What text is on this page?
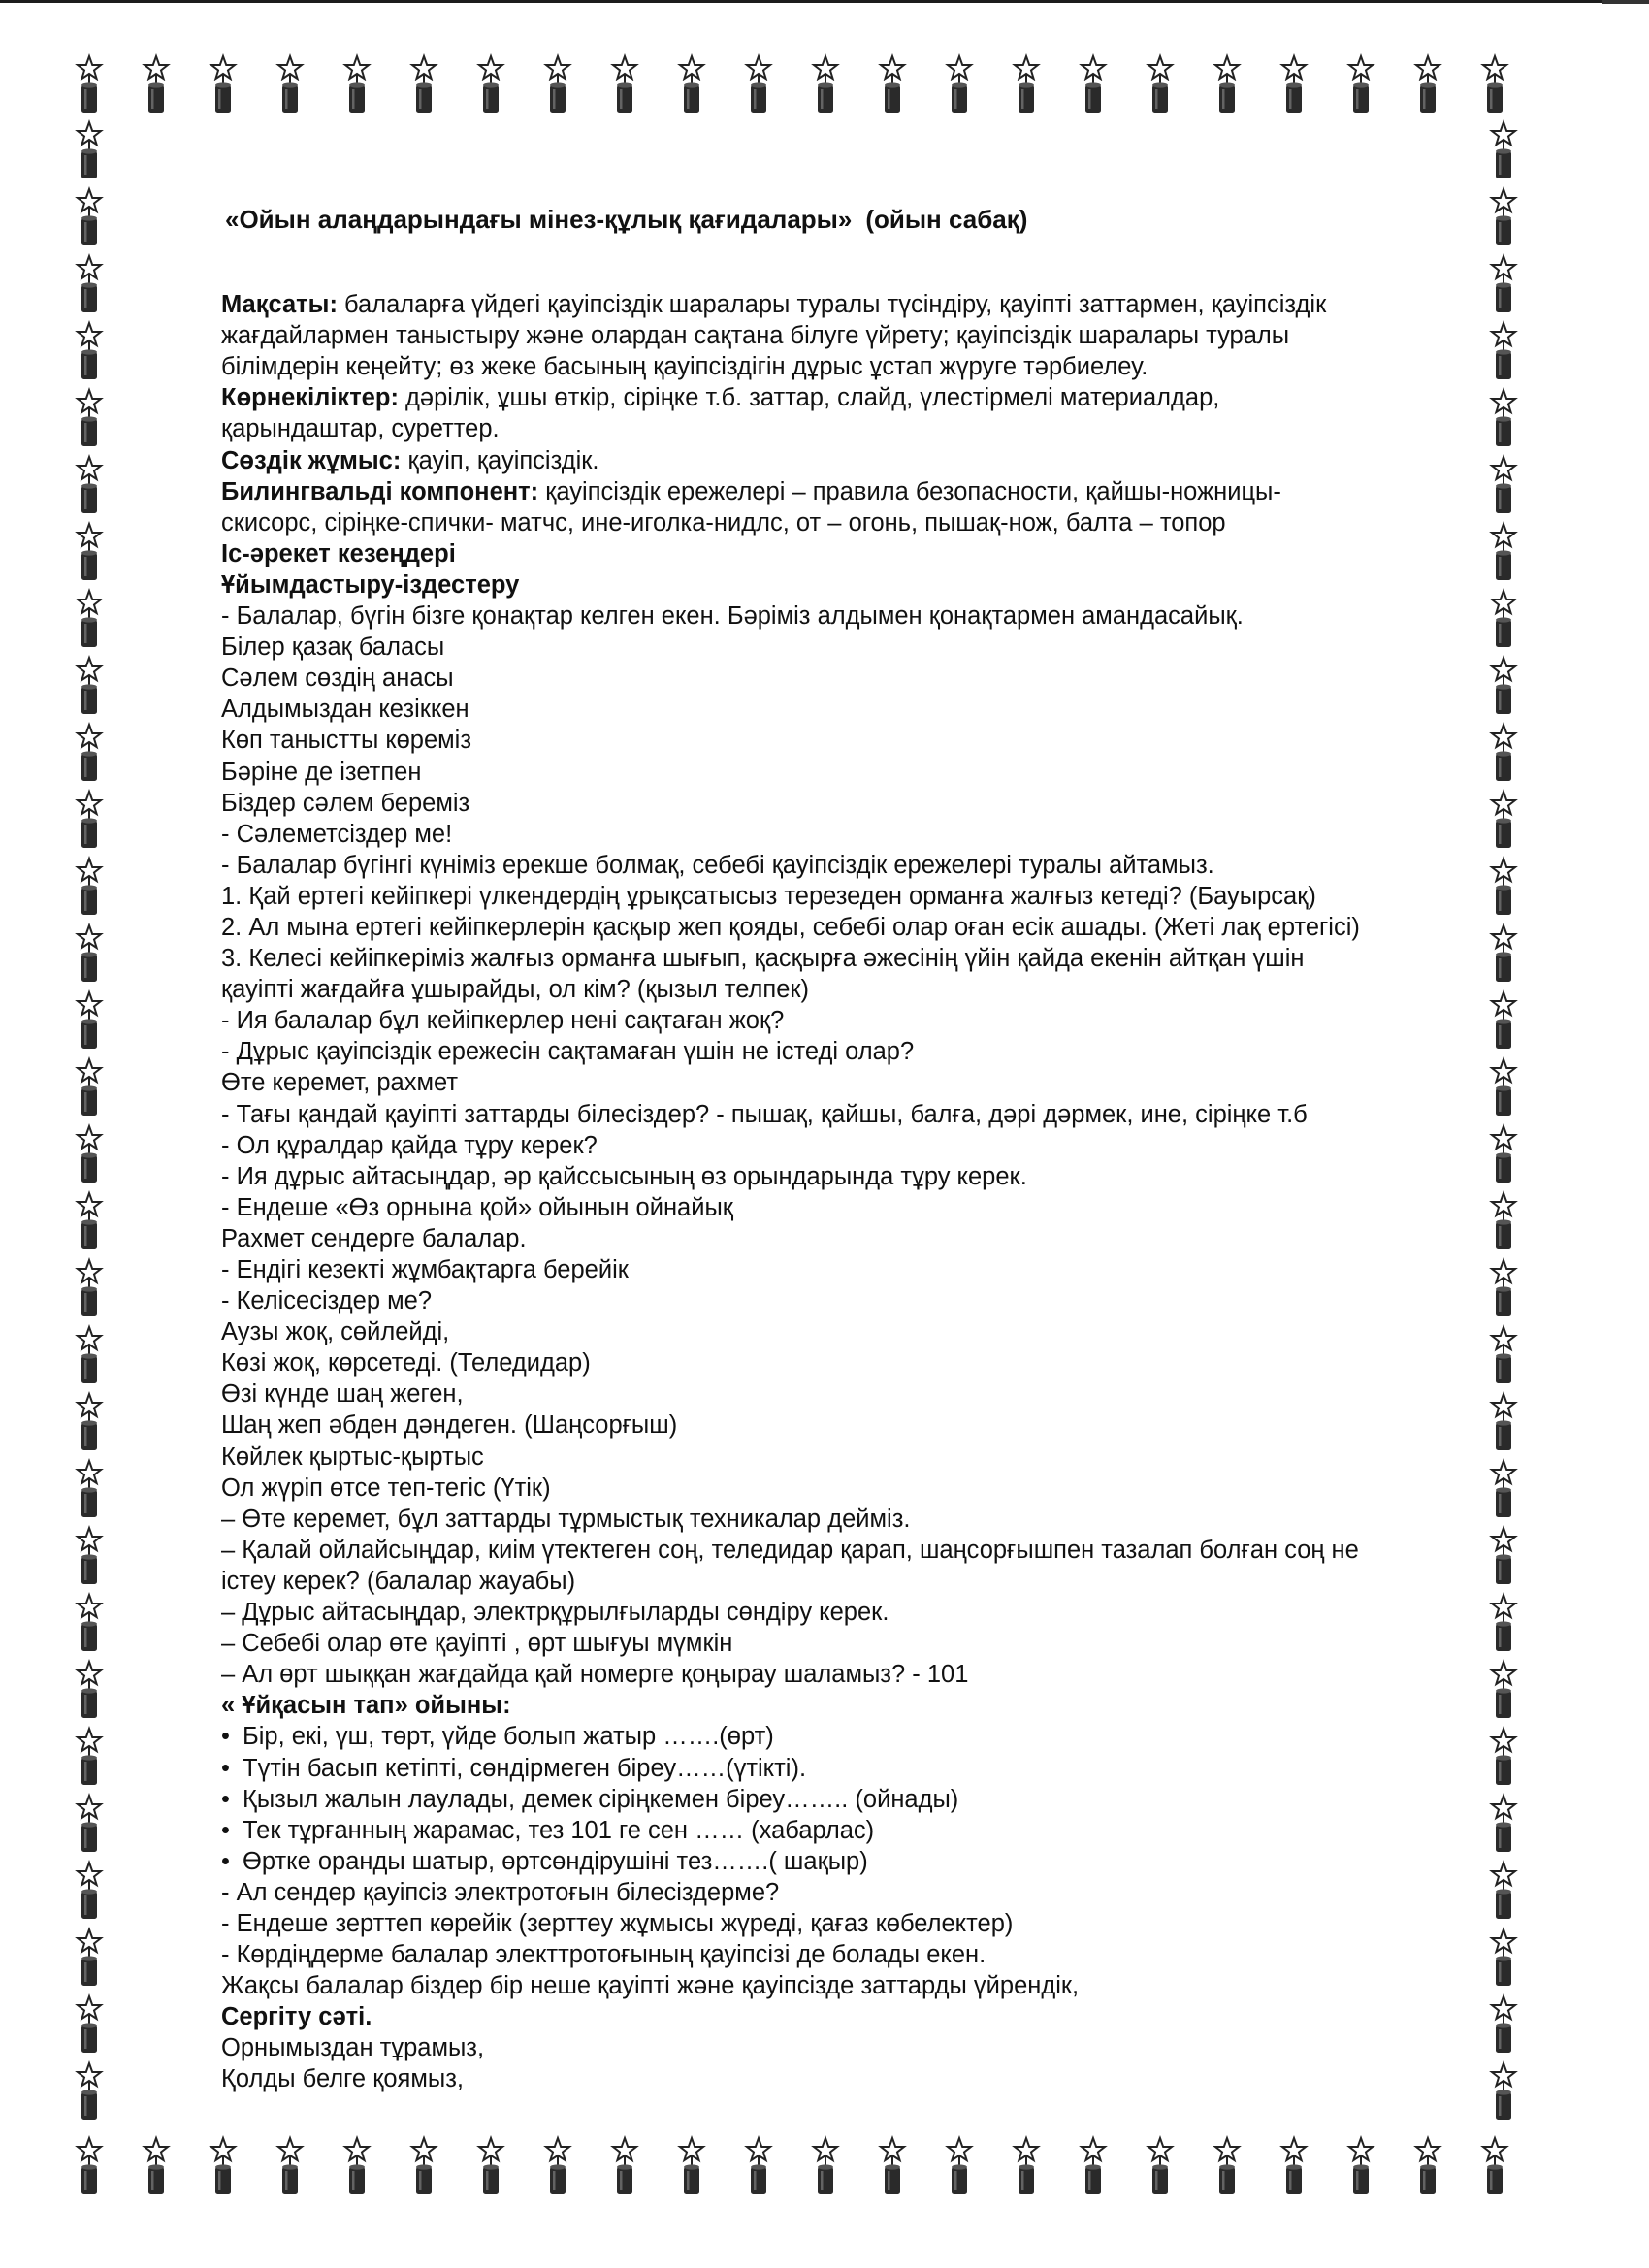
«Ойын алаңдарындағы мінез-құлық қағидалары» (ойын сабақ)
Мақсаты: балаларға үйдегі қауіпсіздік шаралары туралы түсіндіру, қауіпті заттармен, қауіпсіздік
жағдайлармен таныстыру және олардан сақтана білуге үйрету; қауіпсіздік шаралары туралы
білімдерін кеңейту; өз жеке басының қауіпсіздігін дұрыс ұстап жүруге тәрбиелеу.
Көрнекіліктер: дәрілік, ұшы өткір, сіріңке т.б. заттар, слайд, үлестірмелі материалдар,
қарындаштар, суреттер.
Сөздік жұмыс: қауіп, қауіпсіздік.
Билингвальді компонент: қауіпсіздік ережелері – правила безопасности, қайшы-ножницы-
скисорс, сіріңке-спички- матчс, ине-иголка-нидлс, от – огонь, пышақ-нож, балта – топор
Іс-әрекет кезеңдері
Ұйымдастыру-іздестеру
- Балалар, бүгін бізге қонақтар келген екен. Бәріміз алдымен қонақтармен амандасайық.
Білер қазақ баласы
Сәлем сөздің анасы
Алдымыздан кезіккен
Көп таныстты көреміз
Бәріне де ізетпен
Біздер сәлем береміз
- Сәлеметсіздер ме!
- Балалар бүгінгі күніміз ерекше болмақ, себебі қауіпсіздік ережелері туралы айтамыз.
1. Қай ертегі кейіпкері үлкендердің ұрықсатысыз терезеден орманға жалғыз кетеді? (Бауырсақ)
2. Ал мына ертегі кейіпкерлерін қасқыр жеп қояды, себебі олар оған есік ашады. (Жеті лақ ертегісі)
3. Келесі кейіпкеріміз жалғыз орманға шығып, қасқырға әжесінің үйін қайда екенін айтқан үшін
қауіпті жағдайға ұшырайды, ол кім? (қызыл телпек)
- Ия балалар бұл кейіпкерлер нені сақтаған жоқ?
- Дұрыс қауіпсіздік ережесін сақтамаған үшін не істеді олар?
Өте керемет, рахмет
- Тағы қандай қауіпті заттарды білесіздер? - пышақ, қайшы, балға, дәрі дәрмек, ине, сіріңке т.б
- Ол құралдар қайда тұру керек?
- Ия дұрыс айтасыңдар, әр қайссысының өз орындарында тұру керек.
- Ендеше «Өз орнына қой» ойынын ойнайық
Рахмет сендерге балалар.
- Ендігі кезекті жұмбақтарга берейік
- Келісесіздер ме?
Аузы жоқ, сөйлейді,
Көзі жоқ, көрсетеді. (Теледидар)
Өзі күнде шаң жеген,
Шаң жеп әбден дәндеген. (Шаңсорғыш)
Көйлек қыртыс-қыртыс
Ол жүріп өтсе теп-тегіс (Үтік)
– Өте керемет, бұл заттарды тұрмыстық техникалар дейміз.
– Қалай ойлайсыңдар, киім үтектеген соң, теледидар қарап, шаңсорғышпен тазалап болған соң не
істеу керек? (балалар жауабы)
– Дұрыс айтасыңдар, электрқұрылғыларды сөндіру керек.
– Себебі олар өте қауіпті , өрт шығуы мүмкін
– Ал өрт шыққан жағдайда қай номерге қоңырау шаламыз? - 101
« Ұйқасын тап» ойыны:
• Бір, екі, үш, төрт, үйде болып жатыр …….(өрт)
• Түтін басып кетіпті, сөндірмеген біреу……(үтікті).
• Қызыл жалын лаулады, демек сіріңкемен біреу…….. (ойнады)
• Тек тұрғанның жарамас, тез 101 ге сен …… (хабарлас)
• Өртке оранды шатыр, өртсөндірушіні тез…….( шақыр)
- Ал сендер қауіпсіз электротоғын білесіздерме?
- Ендеше зерттеп көрейік (зерттеу жұмысы жүреді, қағаз көбелектер)
- Көрдіңдерме балалар электтротоғының қауіпсізі де болады екен.
Жақсы балалар біздер бір неше қауіпті және қауіпсізде заттарды үйрендік,
Сергіту сәті.
Орнымыздан тұрамыз,
Қолды белге қоямыз,
